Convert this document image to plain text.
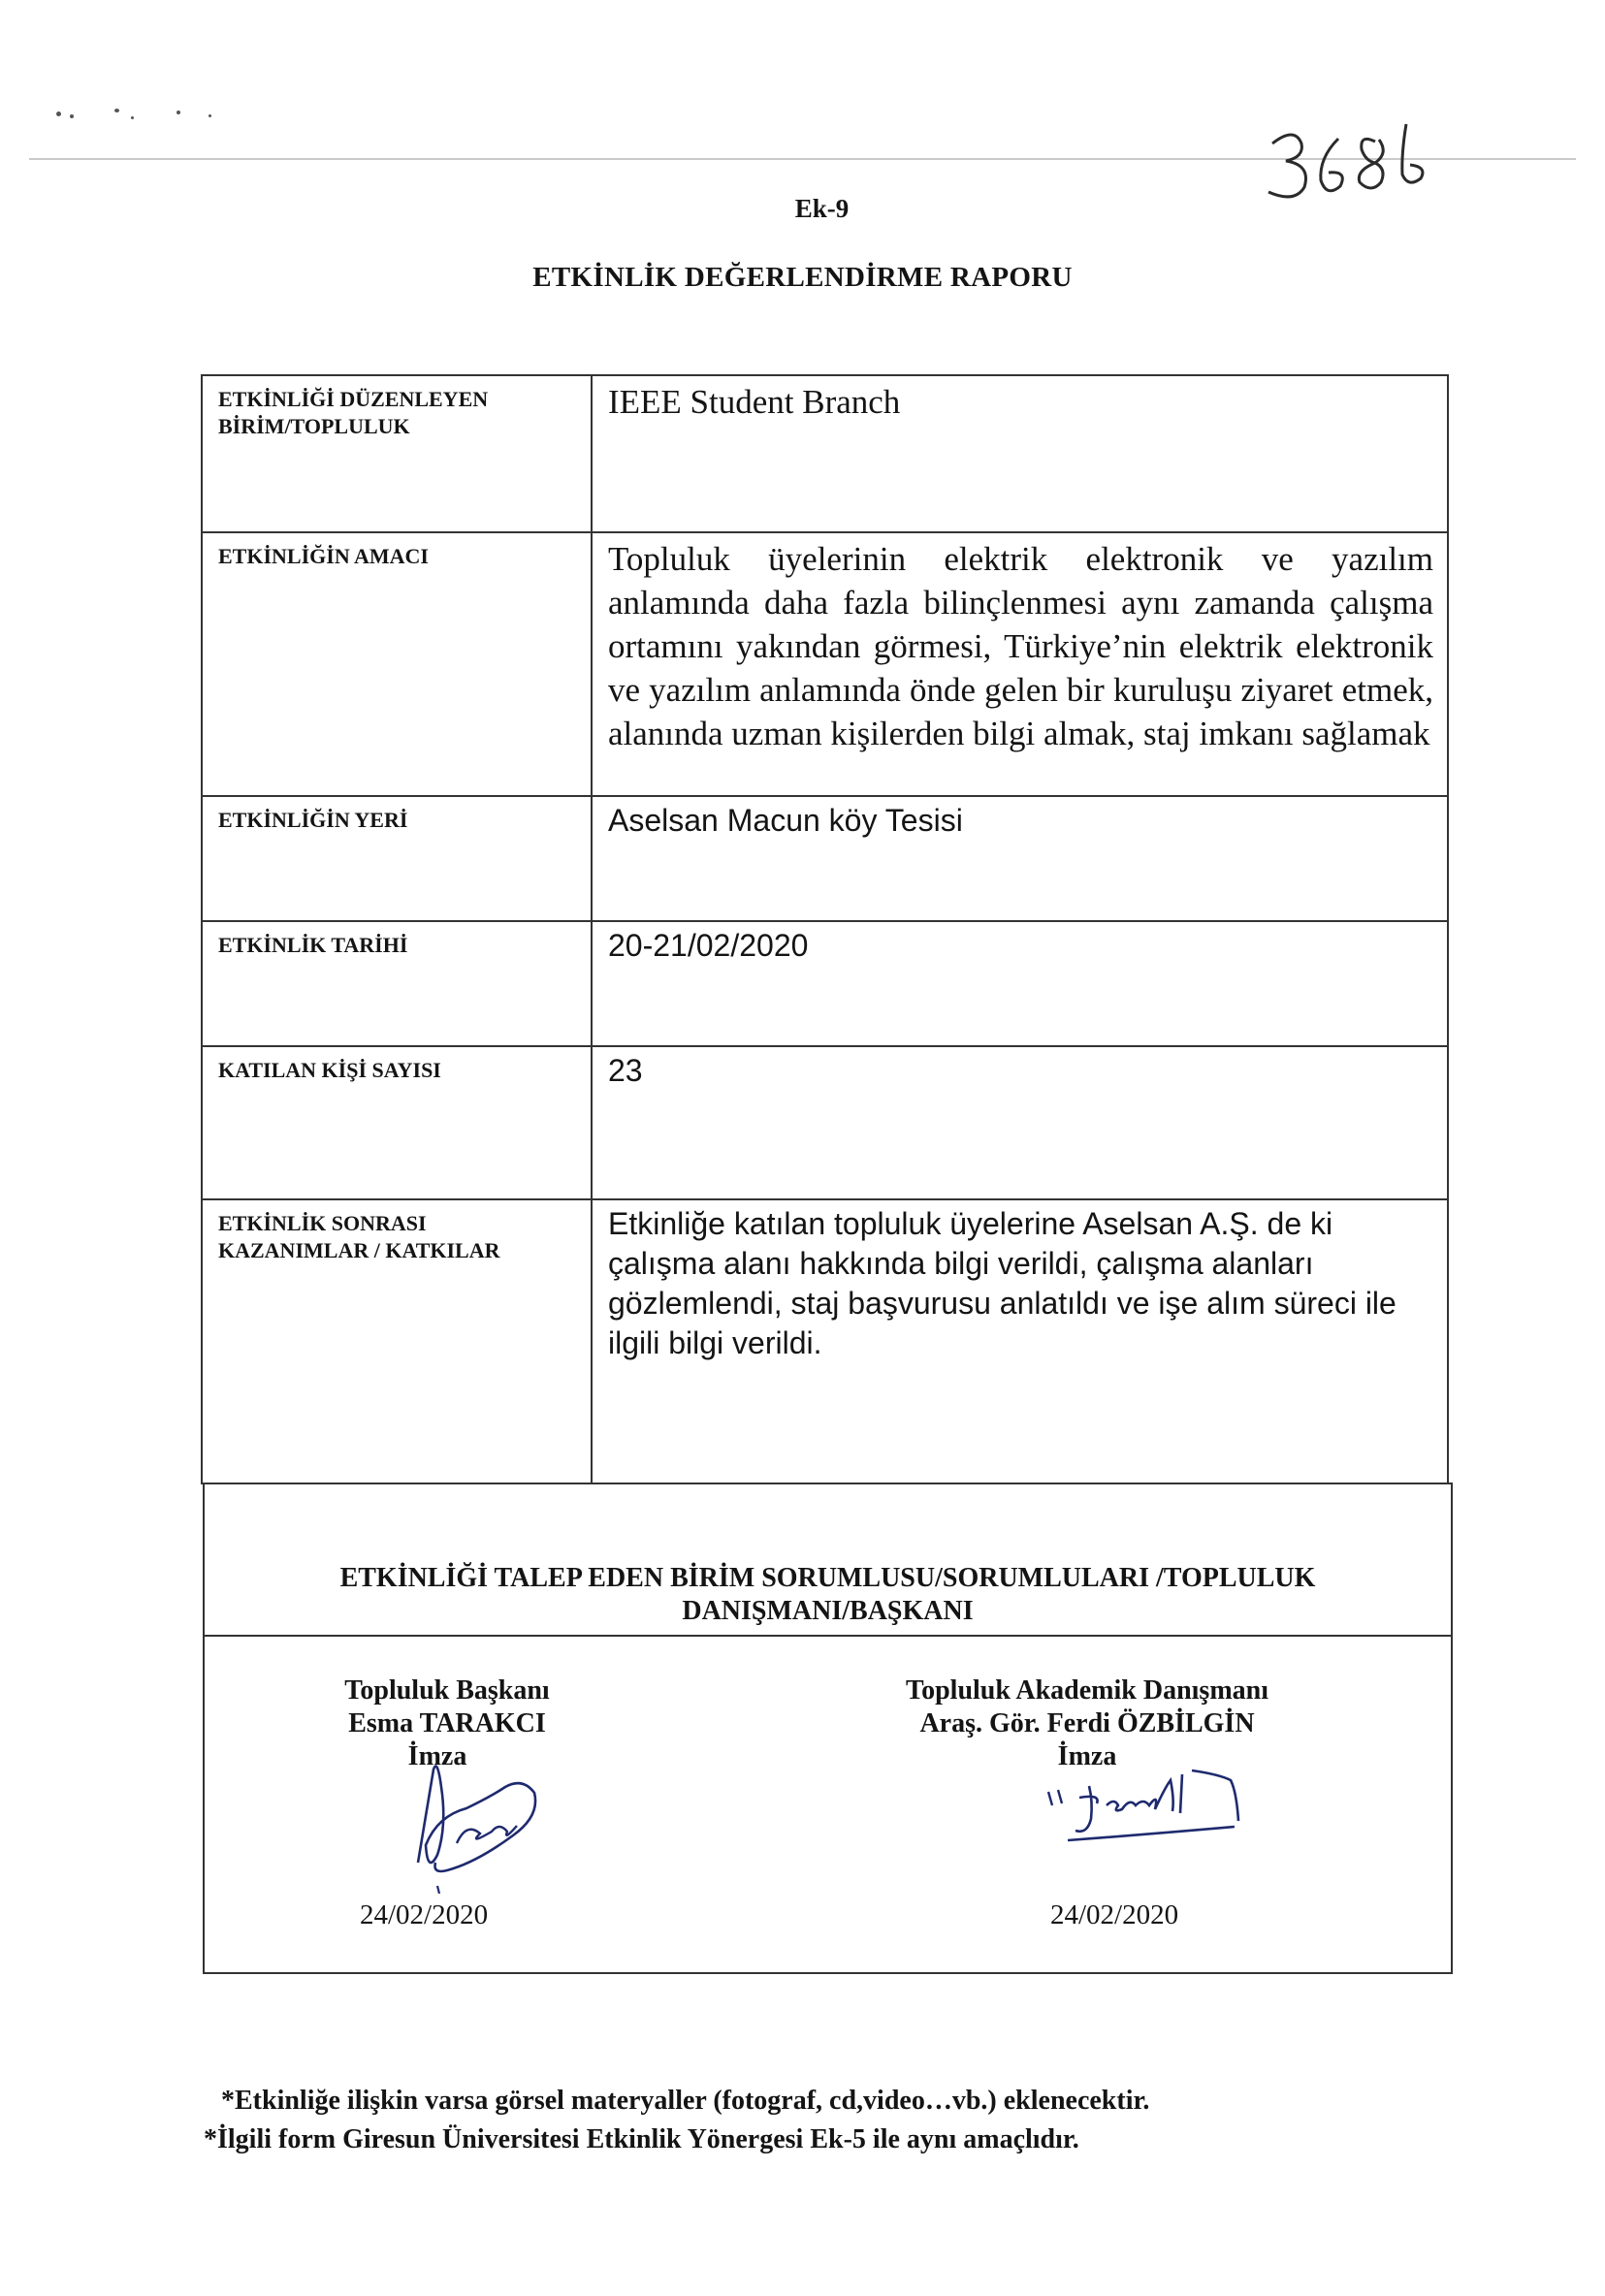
Ek-9
ETKİNLİK DEĞERLENDİRME RAPORU
ETKİNLİĞİ DÜZENLEYEN BİRİM/TOPLULUK	IEEE Student Branch
ETKİNLİĞİN AMACI	Topluluk üyelerinin elektrik elektronik ve yazılım anlamında daha fazla bilinçlenmesi aynı zamanda çalışma ortamını yakından görmesi, Türkiye’nin elektrik elektronik ve yazılım anlamında önde gelen bir kuruluşu ziyaret etmek, alanında uzman kişilerden bilgi almak, staj imkanı sağlamak
ETKİNLİĞİN YERİ	Aselsan Macun köy Tesisi
ETKİNLİK TARİHİ	20-21/02/2020
KATILAN KİŞİ SAYISI	23
ETKİNLİK SONRASI KAZANIMLAR / KATKILAR	Etkinliğe katılan topluluk üyelerine Aselsan A.Ş. de ki çalışma alanı hakkında bilgi verildi, çalışma alanları gözlemlendi, staj başvurusu anlatıldı ve işe alım süreci ile ilgili bilgi verildi.
ETKİNLİĞİ TALEP EDEN BİRİM SORUMLUSU/SORUMLULARI /TOPLULUK DANIŞMANI/BAŞKANI
Topluluk Başkanı
Esma TARAKCI
İmza
24/02/2020
Topluluk Akademik Danışmanı
Araş. Gör. Ferdi ÖZBİLGİN
İmza
24/02/2020
*Etkinliğe ilişkin varsa görsel materyaller (fotograf, cd,video…vb.) eklenecektir.
*İlgili form Giresun Üniversitesi Etkinlik Yönergesi Ek-5 ile aynı amaçlıdır.
